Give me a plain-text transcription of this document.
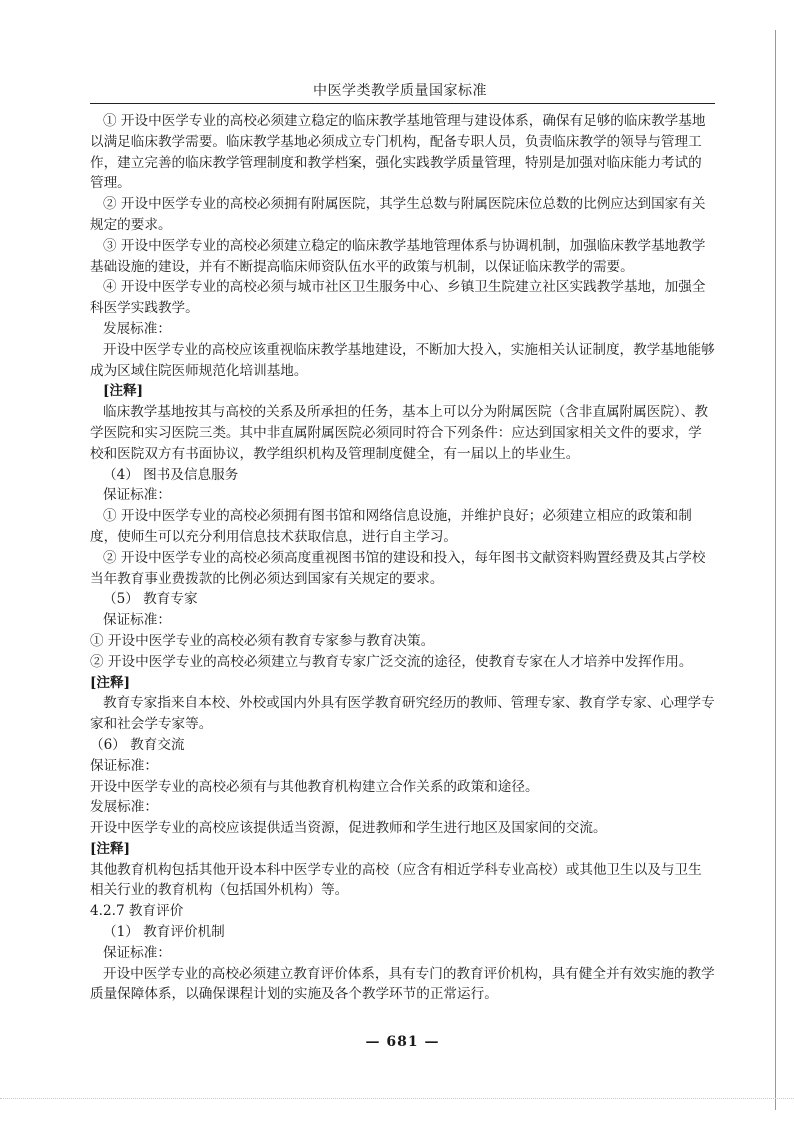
中医学类教学质量国家标准

① 开设中医学专业的高校必须建立稳定的临床教学基地管理与建设体系，确保有足够的临床教学基地以满足临床教学需要。临床教学基地必须成立专门机构，配备专职人员，负责临床教学的领导与管理工作，建立完善的临床教学管理制度和教学档案，强化实践教学质量管理，特别是加强对临床能力考试的管理。

② 开设中医学专业的高校必须拥有附属医院，其学生总数与附属医院床位总数的比例应达到国家有关规定的要求。

③ 开设中医学专业的高校必须建立稳定的临床教学基地管理体系与协调机制，加强临床教学基地教学基础设施的建设，并有不断提高临床师资队伍水平的政策与机制，以保证临床教学的需要。

④ 开设中医学专业的高校必须与城市社区卫生服务中心、乡镇卫生院建立社区实践教学基地，加强全科医学实践教学。

发展标准：

开设中医学专业的高校应该重视临床教学基地建设，不断加大投入，实施相关认证制度，教学基地能够成为区域住院医师规范化培训基地。

[注释]

临床教学基地按其与高校的关系及所承担的任务，基本上可以分为附属医院（含非直属附属医院）、教学医院和实习医院三类。其中非直属附属医院必须同时符合下列条件：应达到国家相关文件的要求，学校和医院双方有书面协议，教学组织机构及管理制度健全，有一届以上的毕业生。

（4） 图书及信息服务

保证标准：

① 开设中医学专业的高校必须拥有图书馆和网络信息设施，并维护良好；必须建立相应的政策和制度，使师生可以充分利用信息技术获取信息，进行自主学习。

② 开设中医学专业的高校必须高度重视图书馆的建设和投入，每年图书文献资料购置经费及其占学校当年教育事业费拨款的比例必须达到国家有关规定的要求。

（5） 教育专家

保证标准：

① 开设中医学专业的高校必须有教育专家参与教育决策。

② 开设中医学专业的高校必须建立与教育专家广泛交流的途径，使教育专家在人才培养中发挥作用。

[注释]

教育专家指来自本校、外校或国内外具有医学教育研究经历的教师、管理专家、教育学专家、心理学专家和社会学专家等。

（6） 教育交流

保证标准：

开设中医学专业的高校必须有与其他教育机构建立合作关系的政策和途径。

发展标准：

开设中医学专业的高校应该提供适当资源，促进教师和学生进行地区及国家间的交流。

[注释]

其他教育机构包括其他开设本科中医学专业的高校（应含有相近学科专业高校）或其他卫生以及与卫生相关行业的教育机构（包括国外机构）等。

4.2.7 教育评价

（1） 教育评价机制

保证标准：

开设中医学专业的高校必须建立教育评价体系，具有专门的教育评价机构，具有健全并有效实施的教学质量保障体系，以确保课程计划的实施及各个教学环节的正常运行。

— 681 —
